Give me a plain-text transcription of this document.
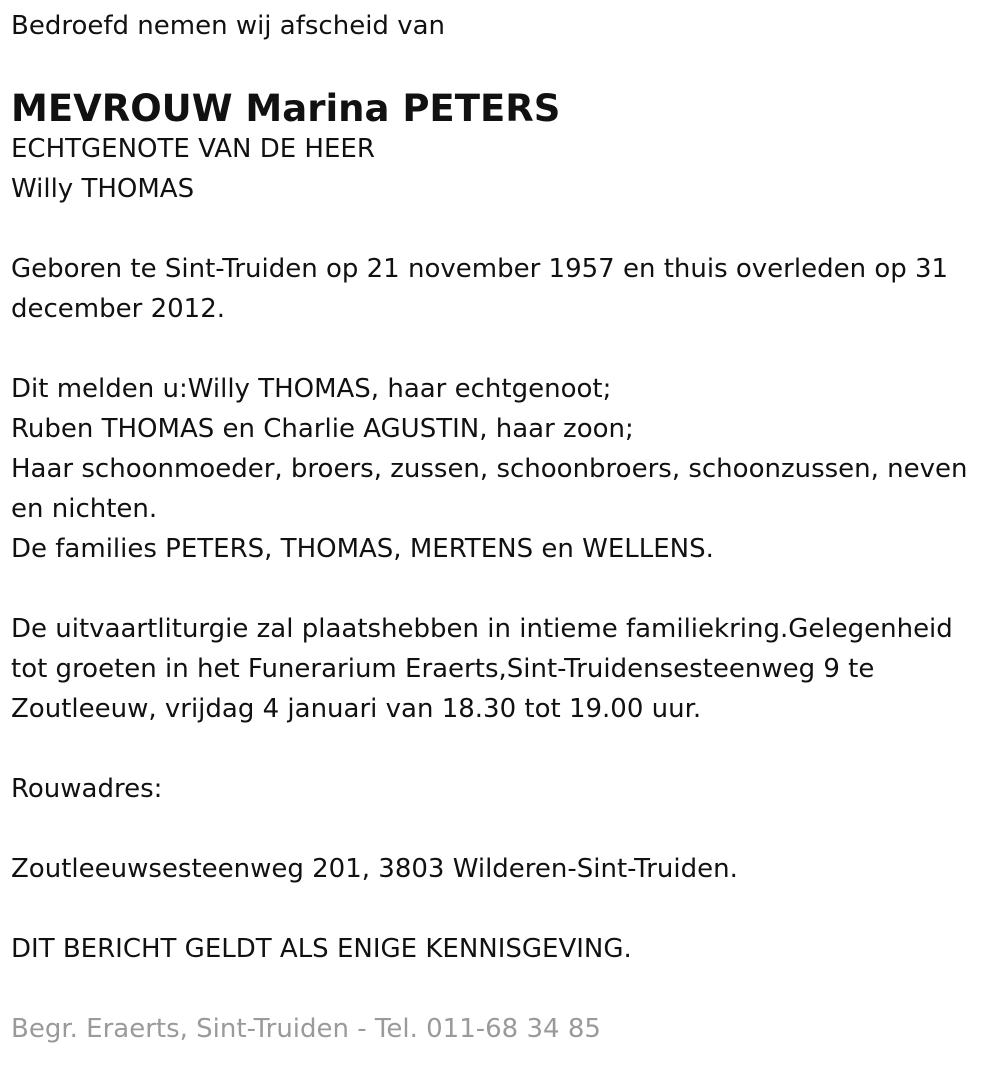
Bedroefd nemen wij afscheid van

MEVROUW Marina PETERS

ECHTGENOTE VAN DE HEER

Willy THOMAS

Geboren te Sint-Truiden op 21 november 1957 en thuis overleden op 31 december 2012.

Dit melden u:Willy THOMAS, haar echtgenoot;

Ruben THOMAS en Charlie AGUSTIN, haar zoon;

Haar schoonmoeder, broers, zussen, schoonbroers, schoonzussen, neven en nichten.

De families PETERS, THOMAS, MERTENS en WELLENS.

De uitvaartliturgie zal plaatshebben in intieme familiekring.Gelegenheid tot groeten in het Funerarium Eraerts,Sint-Truidensesteenweg 9 te Zoutleeuw, vrijdag 4 januari van 18.30 tot 19.00 uur.

Rouwadres:

Zoutleeuwsesteenweg 201, 3803 Wilderen-Sint-Truiden.

DIT BERICHT GELDT ALS ENIGE KENNISGEVING.

Begr. Eraerts, Sint-Truiden - Tel. 011-68 34 85
